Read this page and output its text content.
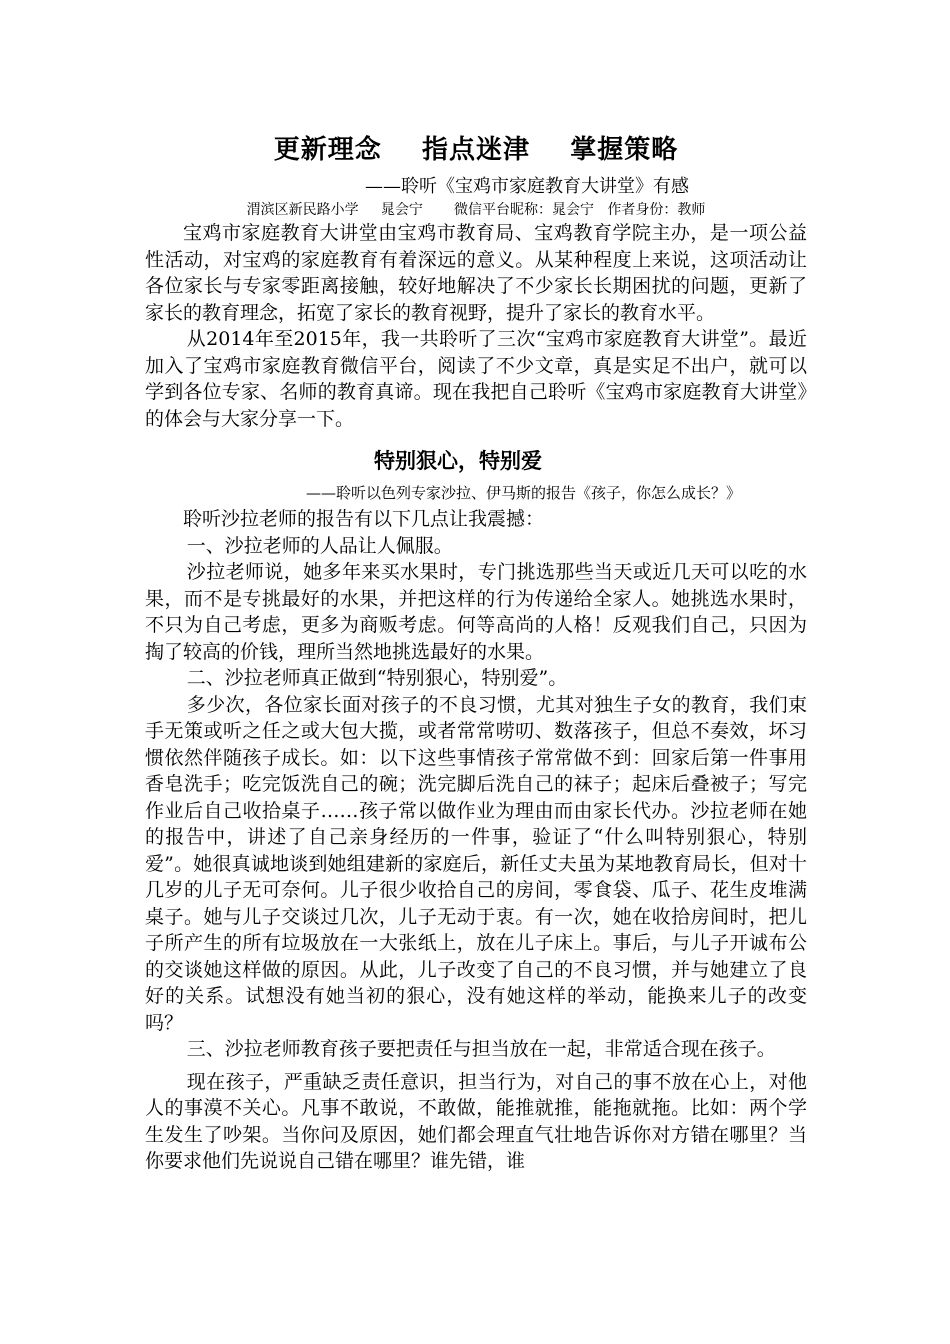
更新理念    指点迷津    掌握策略

——聆听《宝鸡市家庭教育大讲堂》有感

渭滨区新民路小学     晁会宁       微信平台昵称：晁会宁   作者身份：教师

宝鸡市家庭教育大讲堂由宝鸡市教育局、宝鸡教育学院主办，是一项公益性活动，对宝鸡的家庭教育有着深远的意义。从某种程度上来说，这项活动让各位家长与专家零距离接触，较好地解决了不少家长长期困扰的问题，更新了家长的教育理念，拓宽了家长的教育视野，提升了家长的教育水平。

从2014年至2015年，我一共聆听了三次“宝鸡市家庭教育大讲堂”。最近加入了宝鸡市家庭教育微信平台，阅读了不少文章，真是实足不出户，就可以学到各位专家、名师的教育真谛。现在我把自己聆听《宝鸡市家庭教育大讲堂》的体会与大家分享一下。

特别狠心，特别爱

——聆听以色列专家沙拉、伊马斯的报告《孩子，你怎么成长？》

聆听沙拉老师的报告有以下几点让我震撼：

一、沙拉老师的人品让人佩服。

沙拉老师说，她多年来买水果时，专门挑选那些当天或近几天可以吃的水果，而不是专挑最好的水果，并把这样的行为传递给全家人。她挑选水果时，不只为自己考虑，更多为商贩考虑。何等高尚的人格！反观我们自己，只因为掏了较高的价钱，理所当然地挑选最好的水果。

二、沙拉老师真正做到“特别狠心，特别爱”。

多少次，各位家长面对孩子的不良习惯，尤其对独生子女的教育，我们束手无策或听之任之或大包大揽，或者常常唠叨、数落孩子，但总不奏效，坏习惯依然伴随孩子成长。如：以下这些事情孩子常常做不到：回家后第一件事用香皂洗手；吃完饭洗自己的碗；洗完脚后洗自己的袜子；起床后叠被子；写完作业后自己收拾桌子……孩子常以做作业为理由而由家长代办。沙拉老师在她的报告中，讲述了自己亲身经历的一件事，验证了“什么叫特别狠心，特别爱”。她很真诚地谈到她组建新的家庭后，新任丈夫虽为某地教育局长，但对十几岁的儿子无可奈何。儿子很少收拾自己的房间，零食袋、瓜子、花生皮堆满桌子。她与儿子交谈过几次，儿子无动于衷。有一次，她在收拾房间时，把儿子所产生的所有垃圾放在一大张纸上，放在儿子床上。事后，与儿子开诚布公的交谈她这样做的原因。从此，儿子改变了自己的不良习惯，并与她建立了良好的关系。试想没有她当初的狠心，没有她这样的举动，能换来儿子的改变吗？

三、沙拉老师教育孩子要把责任与担当放在一起，非常适合现在孩子。

现在孩子，严重缺乏责任意识，担当行为，对自己的事不放在心上，对他人的事漠不关心。凡事不敢说，不敢做，能推就推，能拖就拖。比如：两个学生发生了吵架。当你问及原因，她们都会理直气壮地告诉你对方错在哪里？当你要求他们先说说自己错在哪里？谁先错，谁
